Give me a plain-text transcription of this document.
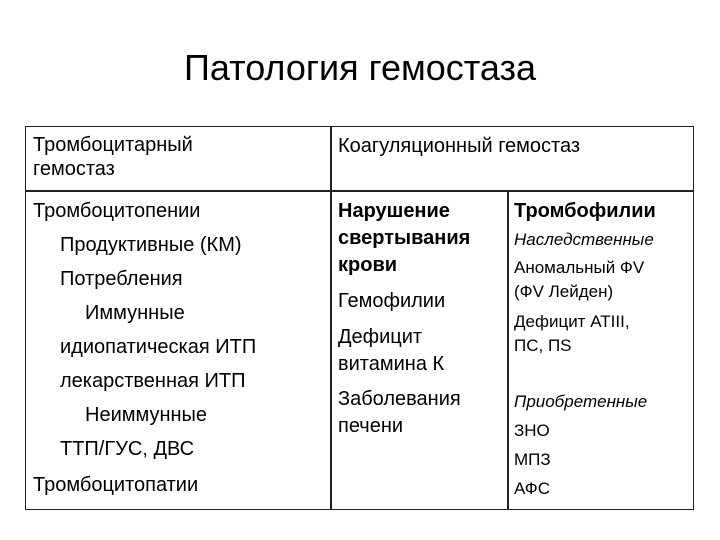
Патология гемостаза
Тромбоцитарный
гемостаз
Коагуляционный гемостаз
Тромбоцитопении
Продуктивные (КМ)
Потребления
Иммунные
идиопатическая ИТП
лекарственная ИТП
Неиммунные
ТТП/ГУС, ДВС
Тромбоцитопатии
Нарушение
свертывания
крови
Гемофилии
Дефицит
витамина К
Заболевания
печени
Тромбофилии
Наследственные
Аномальный ФV
(ФV Лейден)
Дефицит ATIII,
ПС, ПS
Приобретенные
ЗНО
МПЗ
АФС
